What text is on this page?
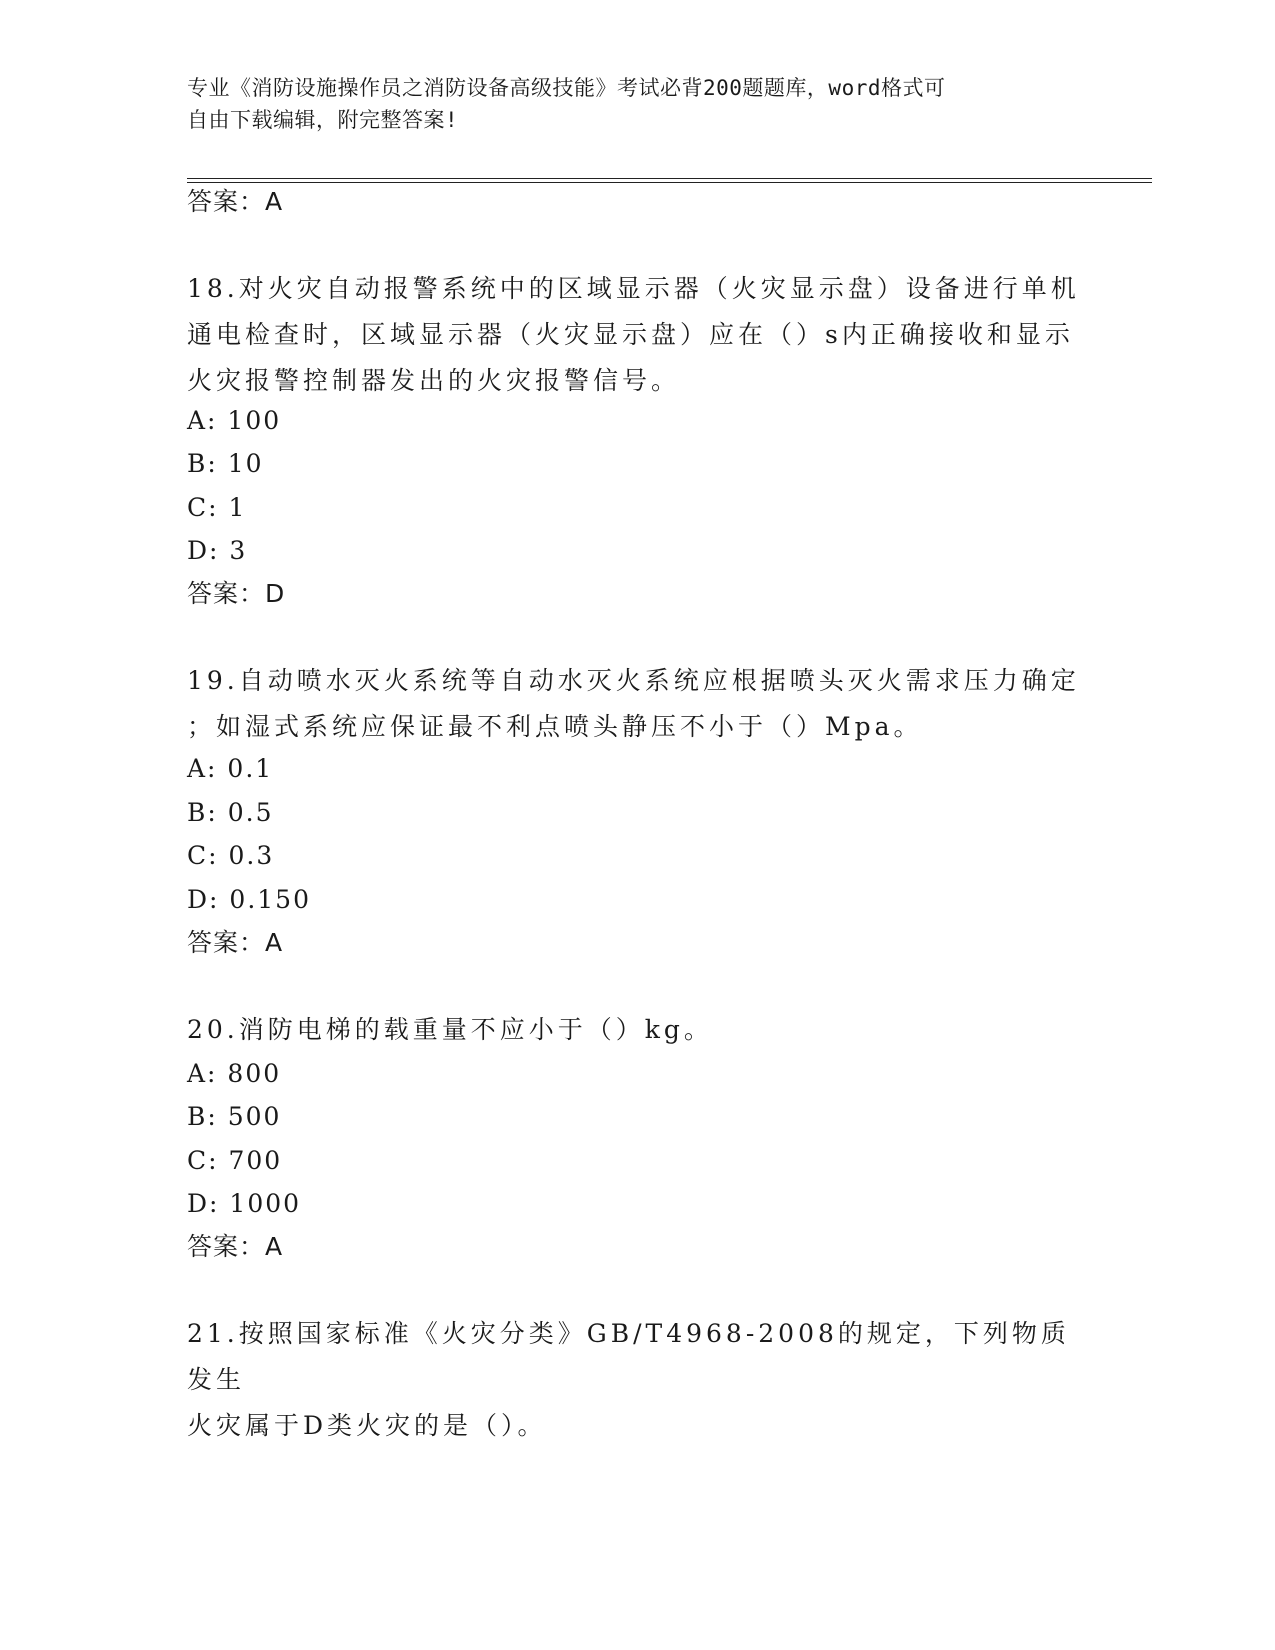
专业《消防设施操作员之消防设备高级技能》考试必背200题题库，word格式可
自由下载编辑，附完整答案!
答案：A
18.对火灾自动报警系统中的区域显示器（火灾显示盘）设备进行单机
通电检查时，区域显示器（火灾显示盘）应在（）s内正确接收和显示
火灾报警控制器发出的火灾报警信号。
A: 100
B: 10
C: 1
D: 3
答案：D
19.自动喷水灭火系统等自动水灭火系统应根据喷头灭火需求压力确定
；如湿式系统应保证最不利点喷头静压不小于（）Mpa。
A: 0.1
B: 0.5
C: 0.3
D: 0.150
答案：A
20.消防电梯的载重量不应小于（）kg。
A: 800
B: 500
C: 700
D: 1000
答案：A
21.按照国家标准《火灾分类》GB/T4968-2008的规定，下列物质发生
火灾属于D类火灾的是（）。
